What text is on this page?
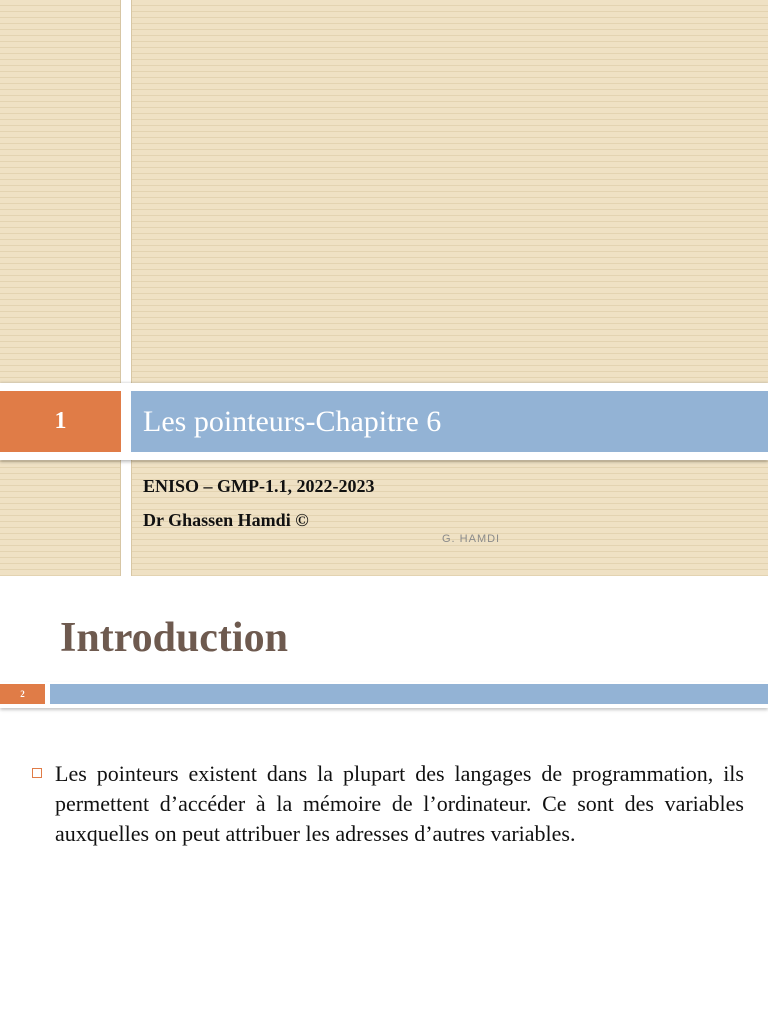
1	Les pointeurs-Chapitre 6
ENISO – GMP-1.1, 2022-2023
Dr Ghassen Hamdi ©
G. HAMDI
Introduction
2
Les pointeurs existent dans la plupart des langages de programmation, ils permettent d’accéder à la mémoire de l’ordinateur. Ce sont des variables auxquelles on peut attribuer les adresses d’autres variables.
